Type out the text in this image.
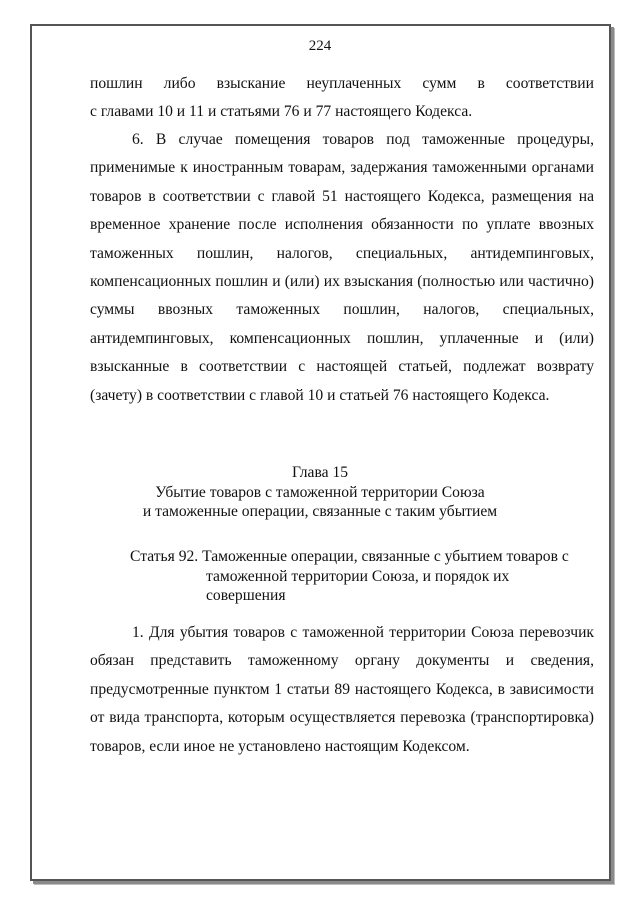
224

пошлин либо взыскание неуплаченных сумм в соответствии

с главами 10 и 11 и статьями 76 и 77 настоящего Кодекса.

6. В случае помещения товаров под таможенные процедуры, применимые к иностранным товарам, задержания таможенными органами товаров в соответствии с главой 51 настоящего Кодекса, размещения на временное хранение после исполнения обязанности по уплате ввозных таможенных пошлин, налогов, специальных, антидемпинговых, компенсационных пошлин и (или) их взыскания (полностью или частично) суммы ввозных таможенных пошлин, налогов, специальных, антидемпинговых, компенсационных пошлин, уплаченные и (или) взысканные в соответствии с настоящей статьей, подлежат возврату (зачету) в соответствии с главой 10 и статьей 76 настоящего Кодекса.

Глава 15
Убытие товаров с таможенной территории Союза
и таможенные операции, связанные с таким убытием
Статья 92. Таможенные операции, связанные с убытием товаров с
таможенной территории Союза, и порядок их
совершения

1. Для убытия товаров с таможенной территории Союза перевозчик обязан представить таможенному органу документы и сведения, предусмотренные пунктом 1 статьи 89 настоящего Кодекса, в зависимости от вида транспорта, которым осуществляется перевозка (транспортировка) товаров, если иное не установлено настоящим Кодексом.
